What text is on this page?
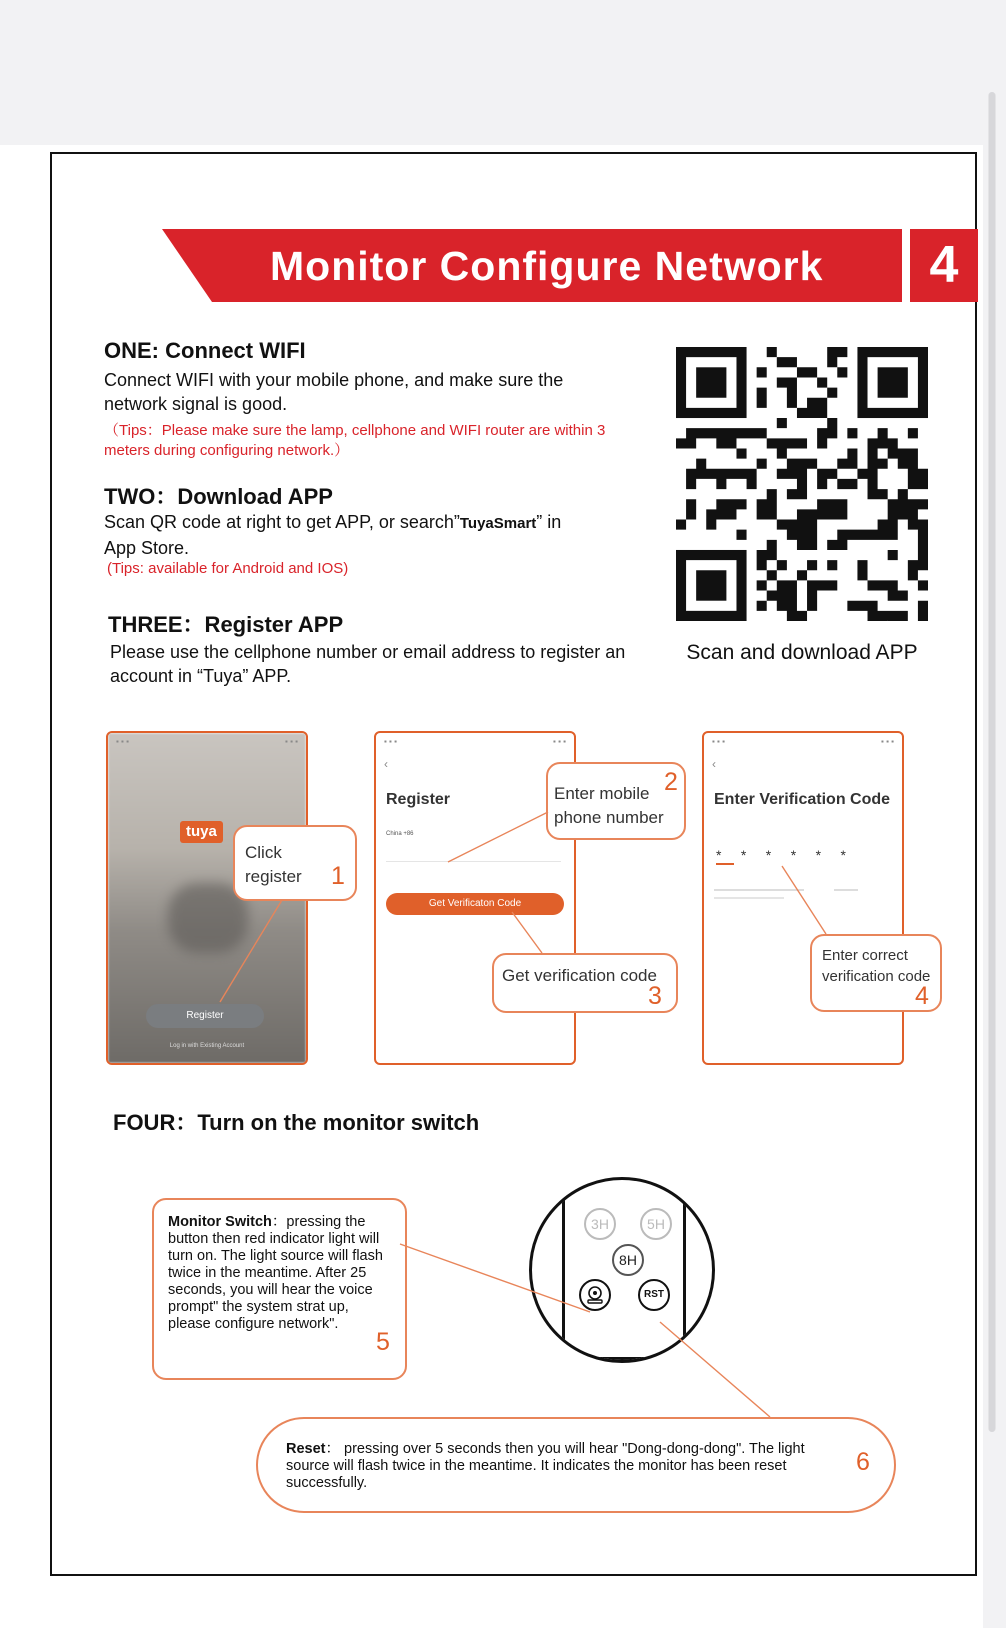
Monitor Configure Network	4
ONE: Connect WIFI
Connect WIFI with your mobile phone, and make sure the network signal is good.
（Tips：Please make sure the lamp, cellphone and WIFI router are within 3 meters during configuring network.）
TWO：Download APP
Scan QR code at right to get APP, or search”TuyaSmart” in App Store.
(Tips: available for Android and IOS)
THREE：Register APP
Please use the cellphone number or email address to register an account in “Tuya” APP.
Scan and download APP
▪ ▪ ▪	▪ ▪ ▪
tuya
Register
Log in with Existing Account
Click
register	1
▪ ▪ ▪	▪ ▪ ▪
‹
Register
China +86
Get Verificaton Code
Enter mobile
phone number
2
Get verification code
3
▪ ▪ ▪	▪ ▪ ▪
‹
Enter Verification Code
*     *     *     *     *     *
Enter correct
verification code
4
FOUR：Turn on the monitor switch
Monitor Switch：pressing the button then red indicator light will turn on. The light source will flash twice in the meantime. After 25 seconds, you will hear the voice prompt" the system strat up, please configure network".
5
3H	5H
8H
RST
Reset： pressing over 5 seconds then you will hear "Dong-dong-dong". The light source will flash twice in the meantime. It indicates the monitor has been reset successfully.
6
